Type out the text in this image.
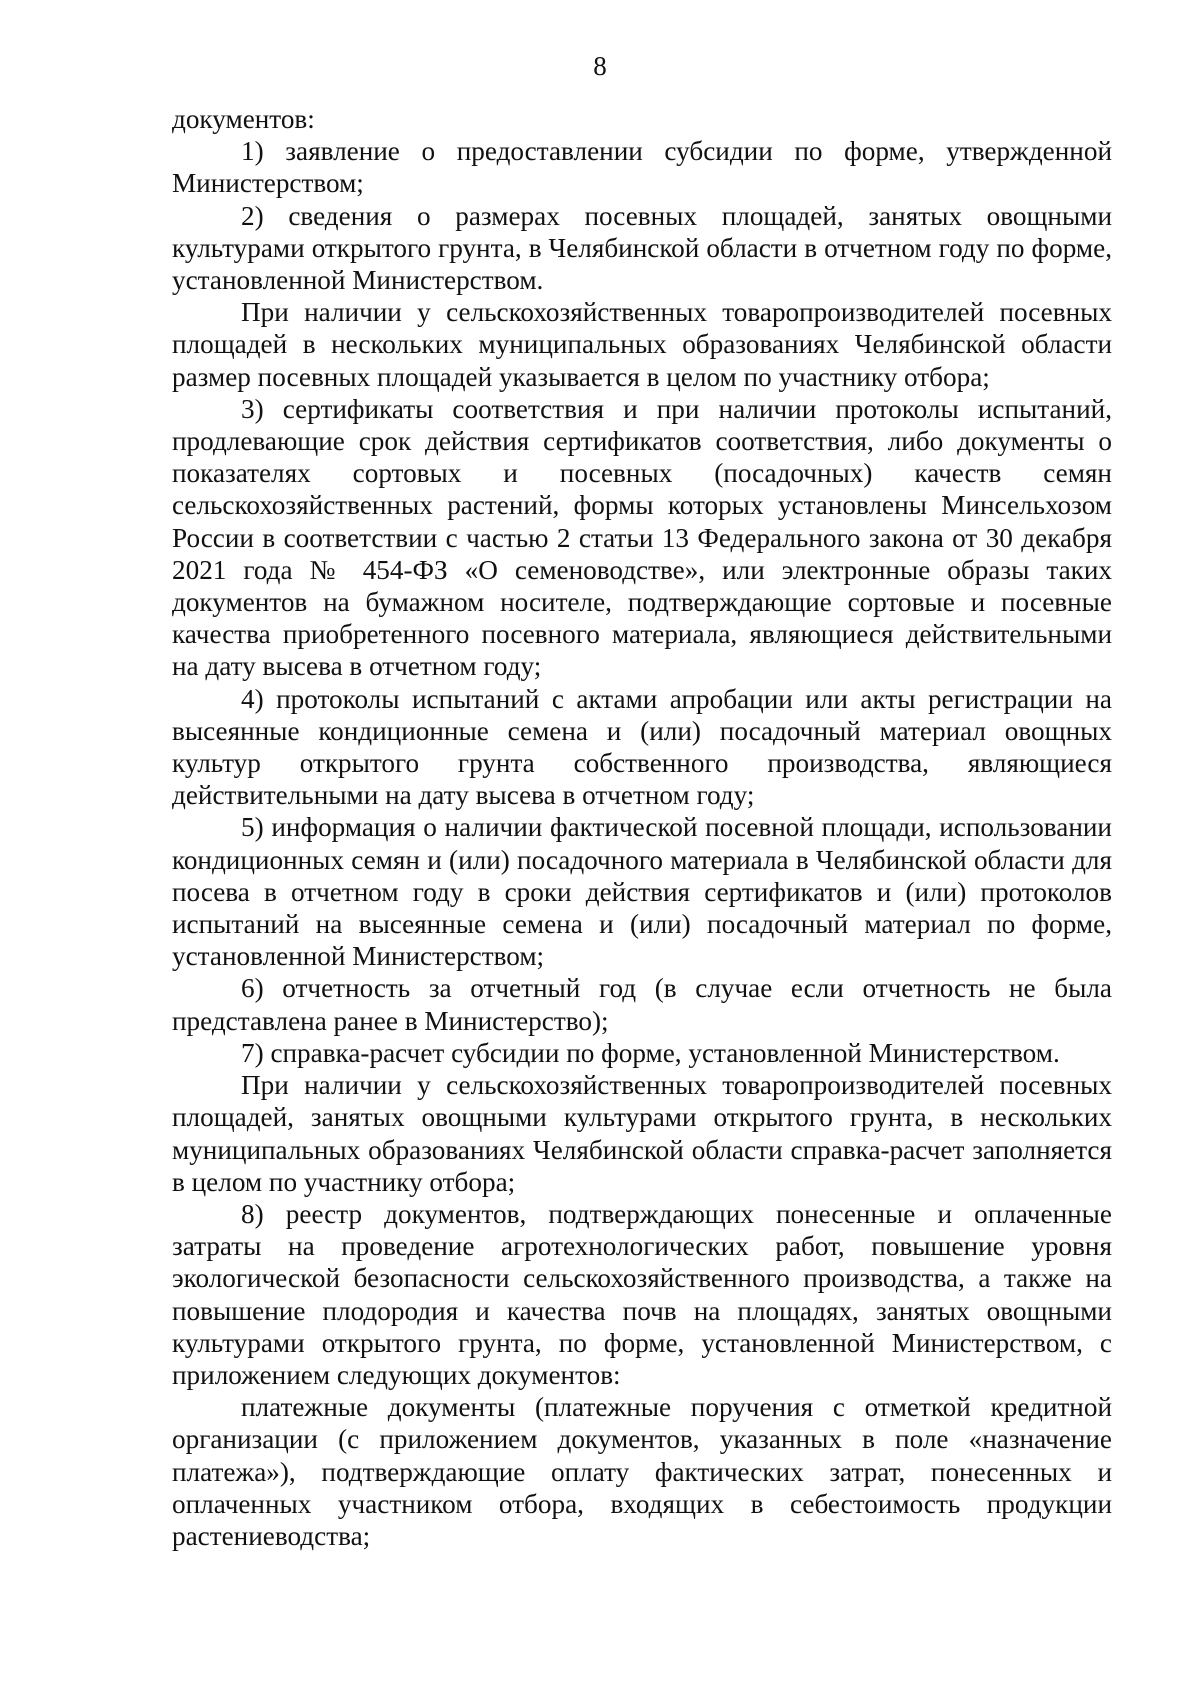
8

документов:

1) заявление о предоставлении субсидии по форме, утвержденной Министерством;

2) сведения о размерах посевных площадей, занятых овощными культурами открытого грунта, в Челябинской области в отчетном году по форме, установленной Министерством.

При наличии у сельскохозяйственных товаропроизводителей посевных площадей в нескольких муниципальных образованиях Челябинской области размер посевных площадей указывается в целом по участнику отбора;

3) сертификаты соответствия и при наличии протоколы испытаний, продлевающие срок действия сертификатов соответствия, либо документы о показателях сортовых и посевных (посадочных) качеств семян сельскохозяйственных растений, формы которых установлены Минсельхозом России в соответствии с частью 2 статьи 13 Федерального закона от 30 декабря 2021 года № 454-ФЗ «О семеноводстве», или электронные образы таких документов на бумажном носителе, подтверждающие сортовые и посевные качества приобретенного посевного материала, являющиеся действительными на дату высева в отчетном году;

4) протоколы испытаний с актами апробации или акты регистрации на высеянные кондиционные семена и (или) посадочный материал овощных культур открытого грунта собственного производства, являющиеся действительными на дату высева в отчетном году;

5) информация о наличии фактической посевной площади, использовании кондиционных семян и (или) посадочного материала в Челябинской области для посева в отчетном году в сроки действия сертификатов и (или) протоколов испытаний на высеянные семена и (или) посадочный материал по форме, установленной Министерством;

6) отчетность за отчетный год (в случае если отчетность не была представлена ранее в Министерство);

7) справка-расчет субсидии по форме, установленной Министерством.

При наличии у сельскохозяйственных товаропроизводителей посевных площадей, занятых овощными культурами открытого грунта, в нескольких муниципальных образованиях Челябинской области справка-расчет заполняется в целом по участнику отбора;

8) реестр документов, подтверждающих понесенные и оплаченные затраты на проведение агротехнологических работ, повышение уровня экологической безопасности сельскохозяйственного производства, а также на повышение плодородия и качества почв на площадях, занятых овощными культурами открытого грунта, по форме, установленной Министерством, с приложением следующих документов:

платежные документы (платежные поручения с отметкой кредитной организации (с приложением документов, указанных в поле «назначение платежа»), подтверждающие оплату фактических затрат, понесенных и оплаченных участником отбора, входящих в себестоимость продукции растениеводства;
